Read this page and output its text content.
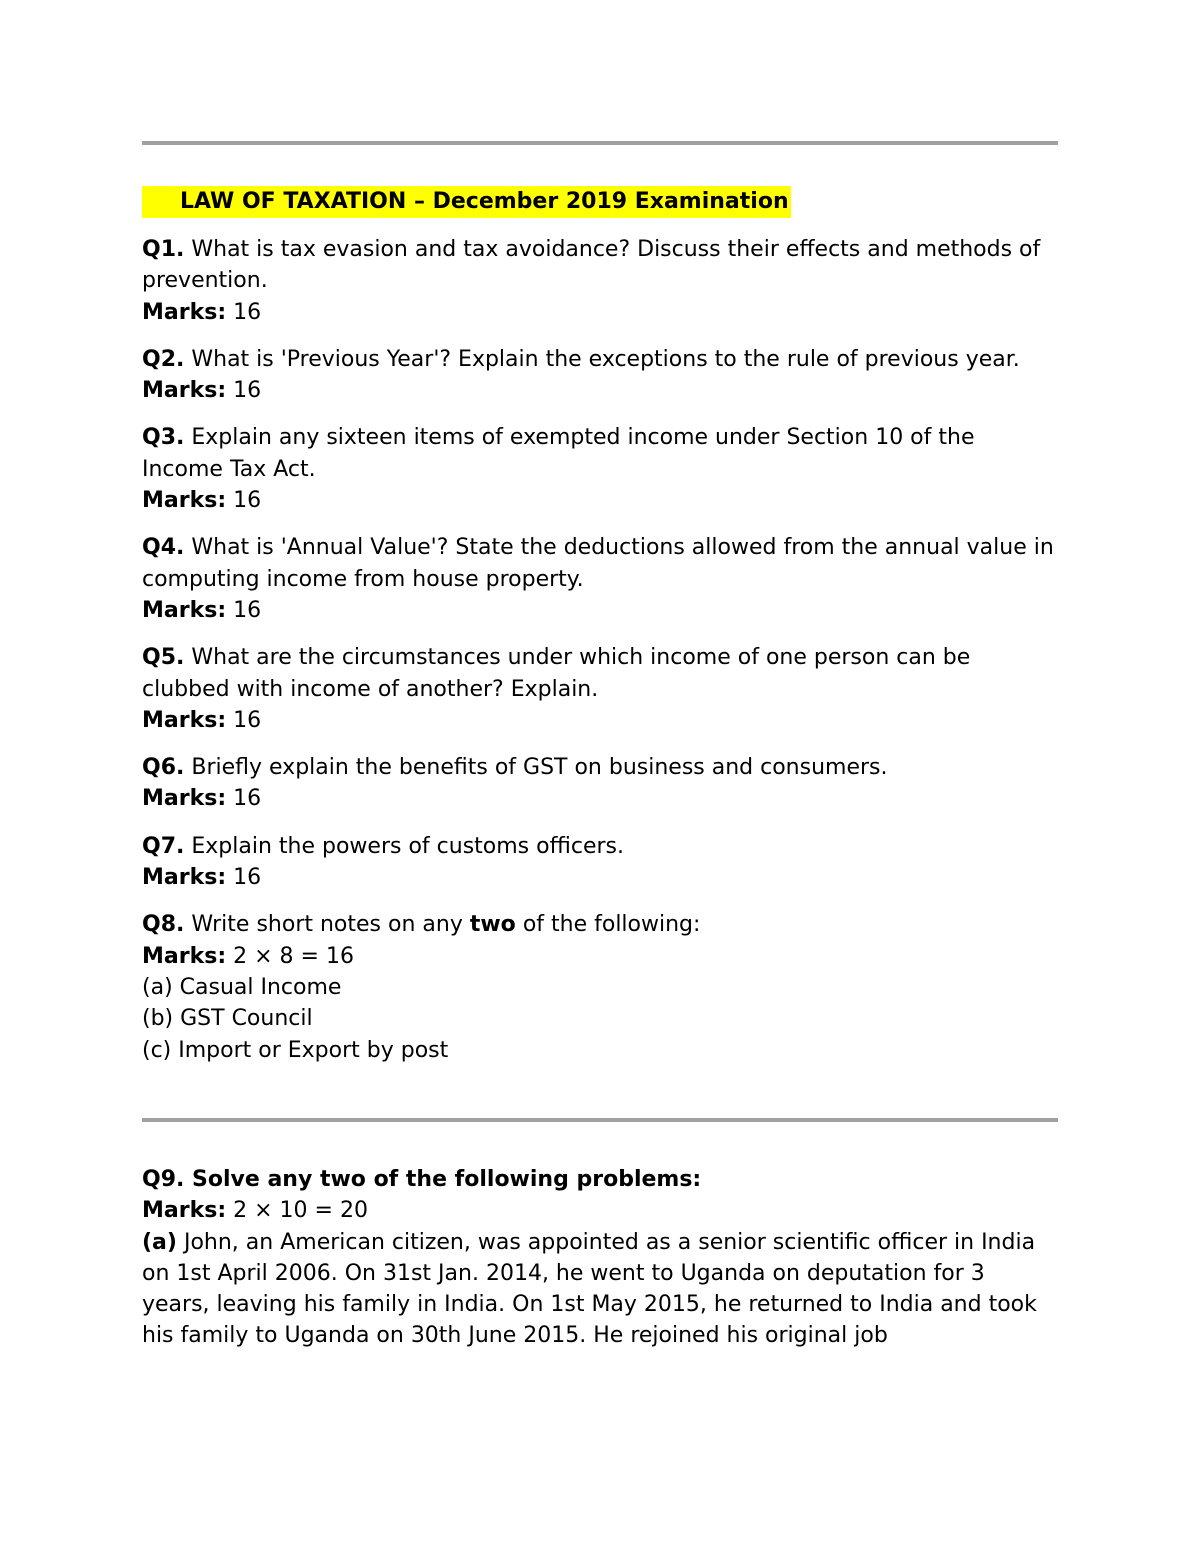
LAW OF TAXATION – December 2019 Examination

Q1. What is tax evasion and tax avoidance? Discuss their effects and methods of prevention.

Marks: 16

Q2. What is 'Previous Year'? Explain the exceptions to the rule of previous year.

Marks: 16

Q3. Explain any sixteen items of exempted income under Section 10 of the Income Tax Act.

Marks: 16

Q4. What is 'Annual Value'? State the deductions allowed from the annual value in computing income from house property.

Marks: 16

Q5. What are the circumstances under which income of one person can be clubbed with income of another? Explain.

Marks: 16

Q6. Briefly explain the benefits of GST on business and consumers.

Marks: 16

Q7. Explain the powers of customs officers.

Marks: 16

Q8. Write short notes on any two of the following:

Marks: 2 × 8 = 16

(a) Casual Income

(b) GST Council

(c) Import or Export by post

Q9. Solve any two of the following problems:

Marks: 2 × 10 = 20

(a) John, an American citizen, was appointed as a senior scientific officer in India on 1st April 2006. On 31st Jan. 2014, he went to Uganda on deputation for 3 years, leaving his family in India. On 1st May 2015, he returned to India and took his family to Uganda on 30th June 2015. He rejoined his original job
